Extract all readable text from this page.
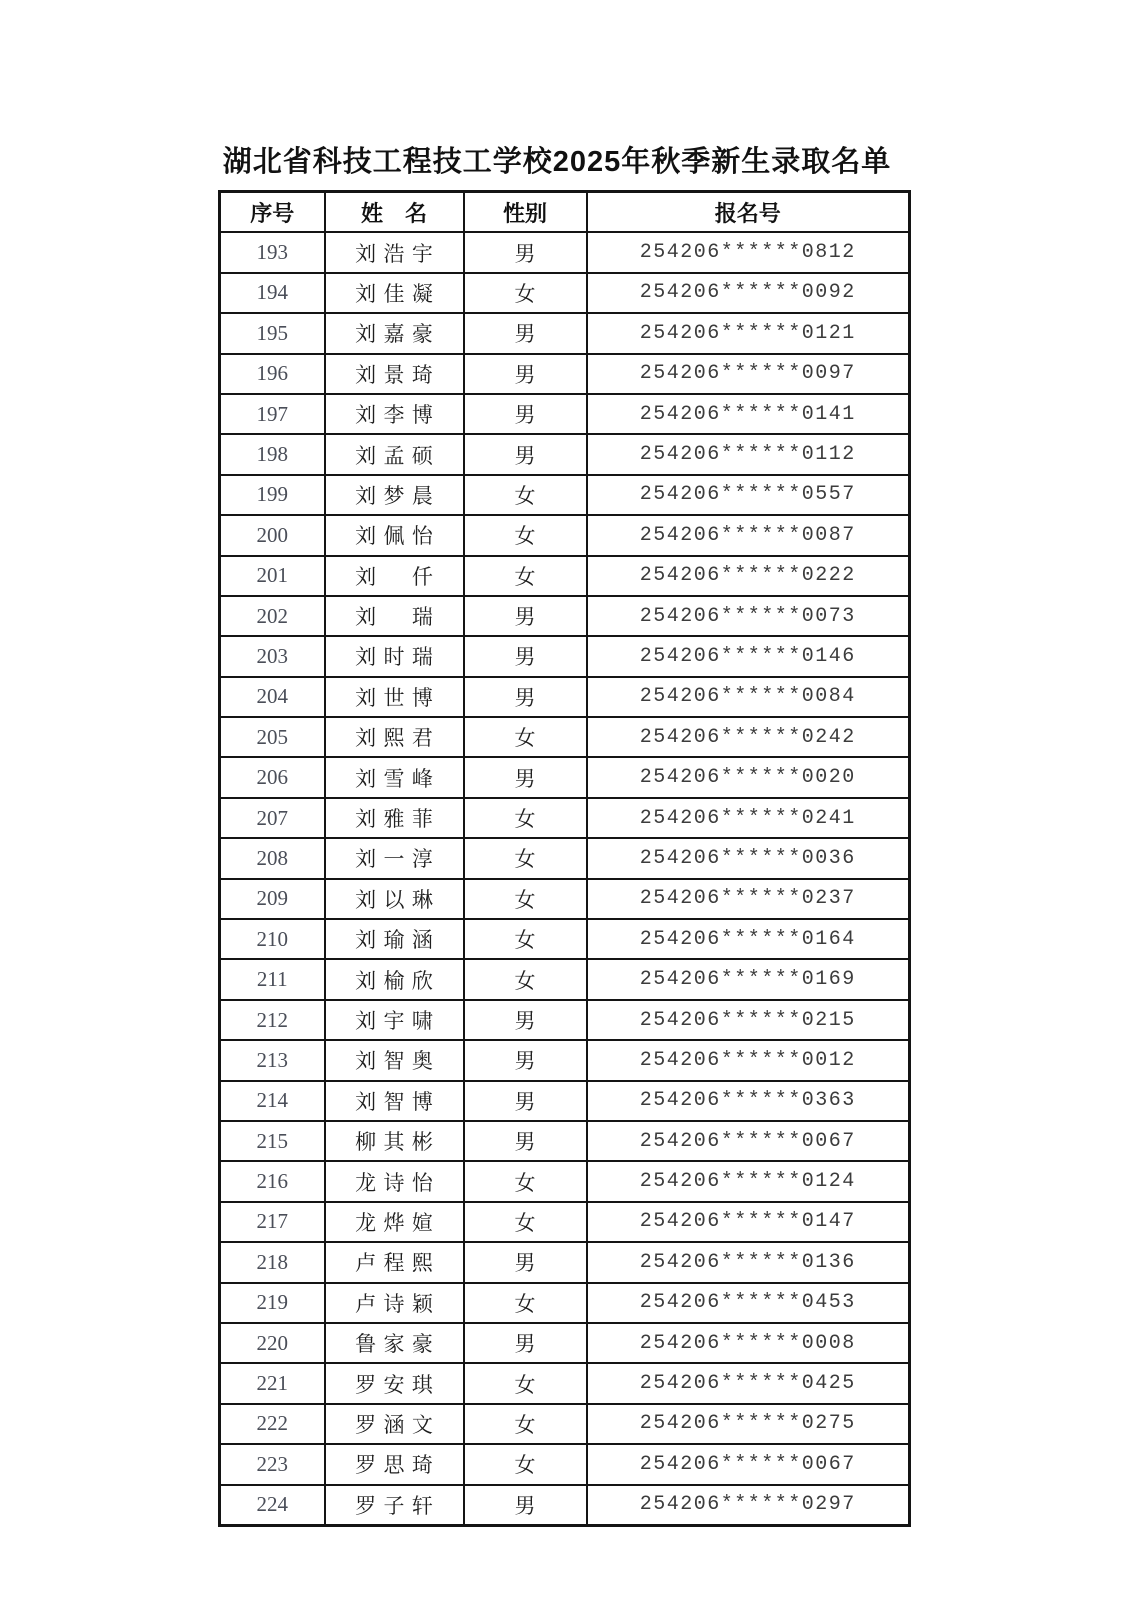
湖北省科技工程技工学校2025年秋季新生录取名单
序号	姓　名	性别	报名号
193	刘浩宇	男	254206******0812
194	刘佳凝	女	254206******0092
195	刘嘉豪	男	254206******0121
196	刘景琦	男	254206******0097
197	刘李博	男	254206******0141
198	刘孟硕	男	254206******0112
199	刘梦晨	女	254206******0557
200	刘佩怡	女	254206******0087
201	刘　仟	女	254206******0222
202	刘　瑞	男	254206******0073
203	刘时瑞	男	254206******0146
204	刘世博	男	254206******0084
205	刘熙君	女	254206******0242
206	刘雪峰	男	254206******0020
207	刘雅菲	女	254206******0241
208	刘一淳	女	254206******0036
209	刘以琳	女	254206******0237
210	刘瑜涵	女	254206******0164
211	刘榆欣	女	254206******0169
212	刘宇啸	男	254206******0215
213	刘智奥	男	254206******0012
214	刘智博	男	254206******0363
215	柳其彬	男	254206******0067
216	龙诗怡	女	254206******0124
217	龙烨媗	女	254206******0147
218	卢程熙	男	254206******0136
219	卢诗颖	女	254206******0453
220	鲁家豪	男	254206******0008
221	罗安琪	女	254206******0425
222	罗涵文	女	254206******0275
223	罗思琦	女	254206******0067
224	罗子轩	男	254206******0297
